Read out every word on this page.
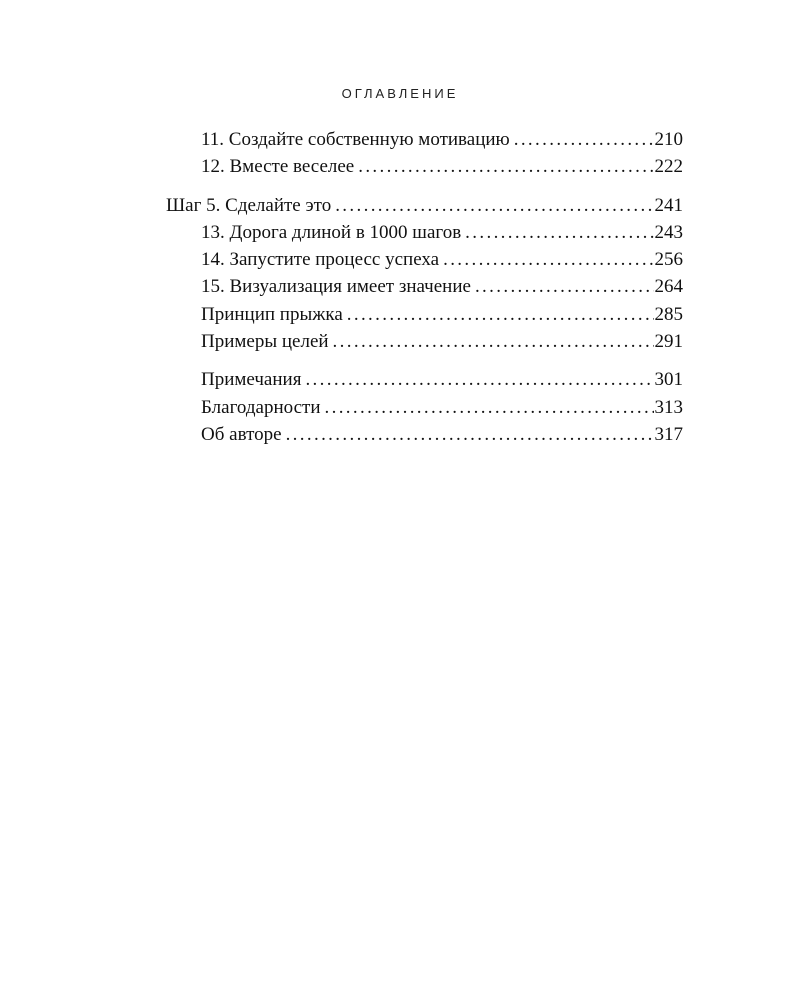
ОГЛАВЛЕНИЕ
11. Создайте собственную мотивацию . . .	210
12. Вместе веселее . . .	222
Шаг 5. Сделайте это . . .	241
13. Дорога длиной в 1000 шагов . . .	243
14. Запустите процесс успеха . . .	256
15. Визуализация имеет значение . . .	264
Принцип прыжка . . .	285
Примеры целей . . .	291
Примечания . . .	301
Благодарности . . .	313
Об авторе . . .	317
